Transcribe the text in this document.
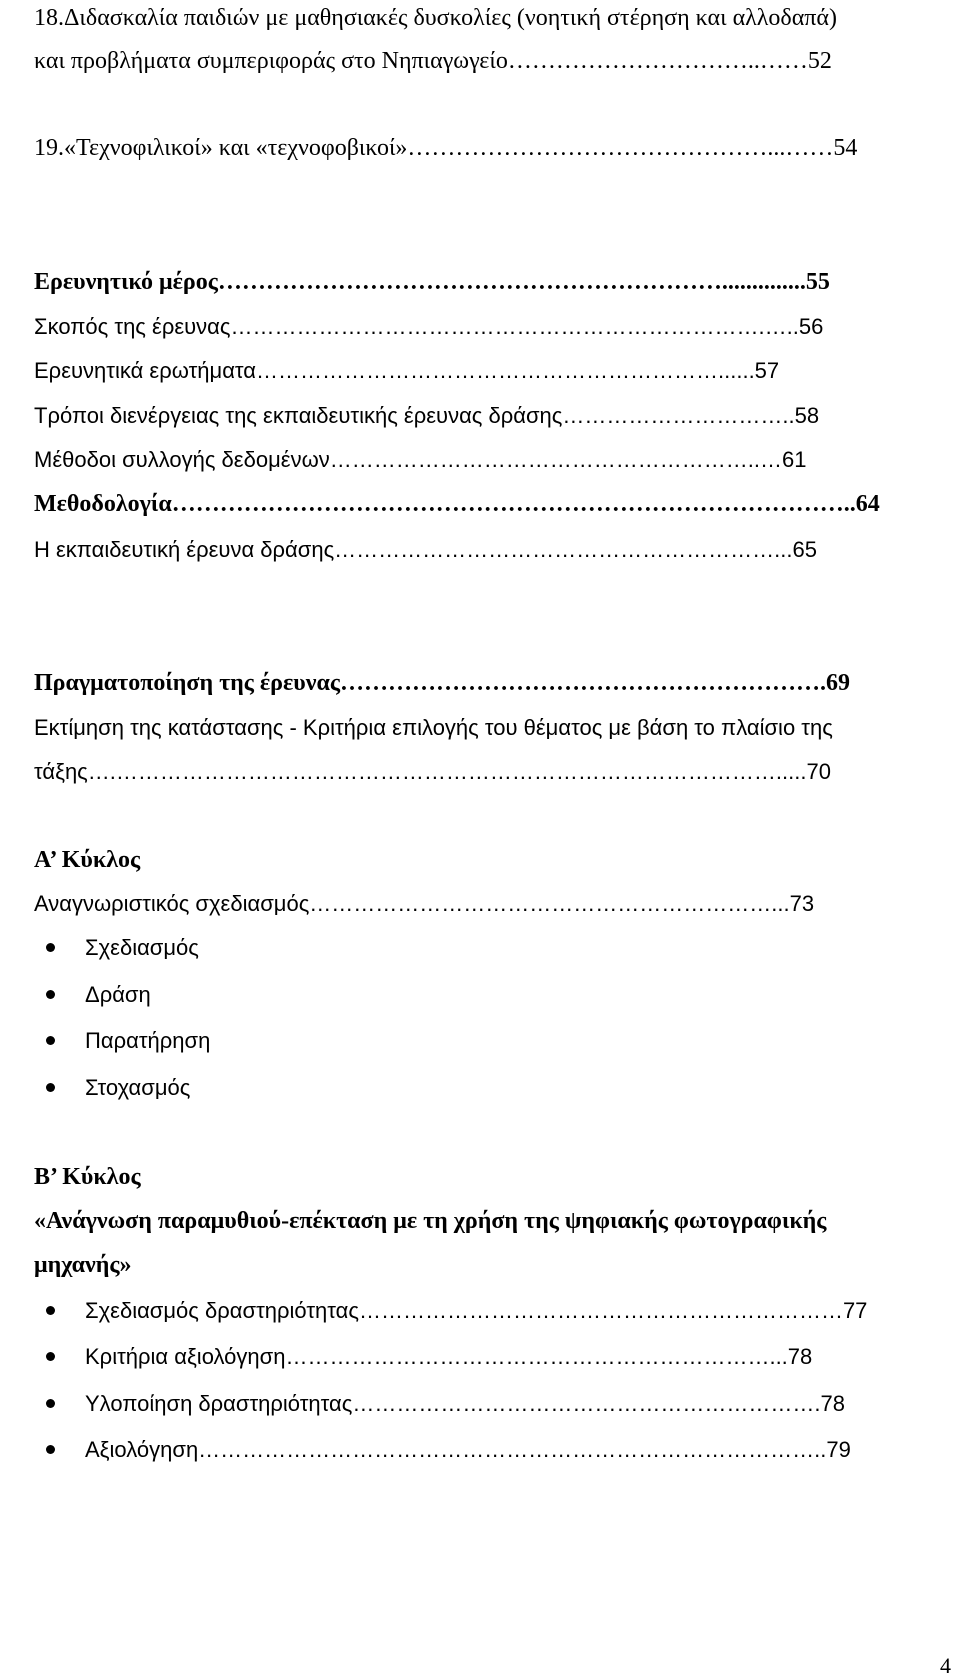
18.Διδασκαλία παιδιών με μαθησιακές δυσκολίες (νοητική στέρηση και αλλοδαπά)
και προβλήματα συμπεριφοράς στο Νηπιαγωγείο…………………………..……52
19.«Τεχνοφιλικοί» και «τεχνοφοβικοί»………………………………………...……54
Ερευνητικό μέρος………………………………………………………..............55
Σκοπός της έρευνας……………………………………………………………….…..56
Ερευνητικά ερωτήματα………………………………………………………......57
Τρόποι διενέργειας της εκπαιδευτικής έρευνας δράσης…………………………..58
Μέθοδοι συλλογής δεδομένων…………………………………………………..…61
Μεθοδολογία…………………………………………………………………………..64
Η εκπαιδευτική έρευνα δράσης……………………………………………………...65
Πραγματοποίηση της έρευνας…………………………………………………….69
Εκτίμηση της κατάστασης - Κριτήρια επιλογής του θέματος με βάση το πλαίσιο της
τάξης….……………………………………………………………………………….....70
Α’ Κύκλος
Αναγνωριστικός σχεδιασμός………………………………………………………...73
Σχεδιασμός
Δράση
Παρατήρηση
Στοχασμός
Β’ Κύκλος
«Ανάγνωση παραμυθιού-επέκταση με τη χρήση της ψηφιακής φωτογραφικής
μηχανής»
Σχεδιασμός δραστηριότητας…………………………………………………………77
Κριτήρια αξιολόγηση…………………………………………………………...78
Υλοποίηση δραστηριότητας……………………………………………………….78
Αξιολόγηση…………………………………………………………………………..79
4
